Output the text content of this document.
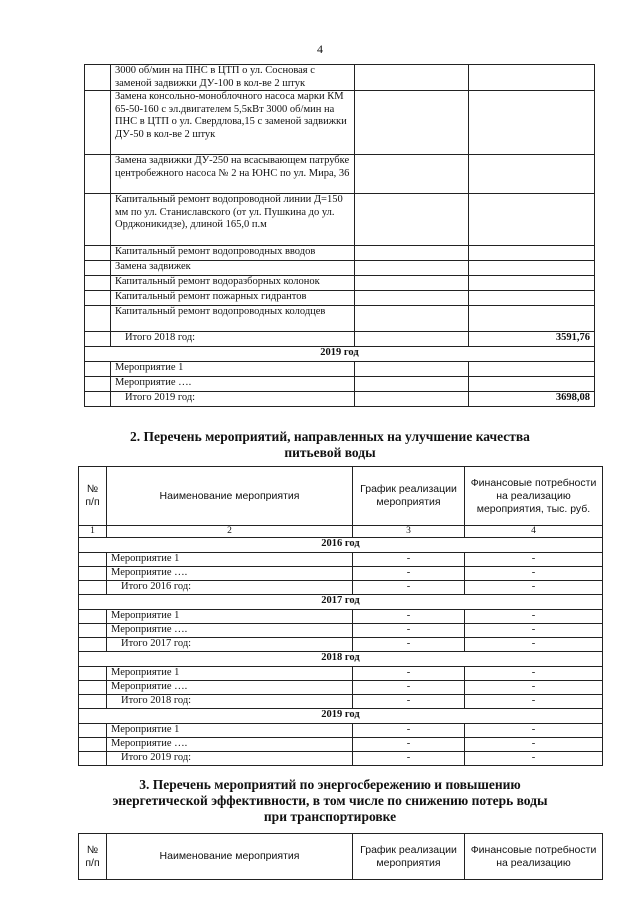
4
	3000 об/мин на ПНС в ЦТП о ул. Сосновая с заменой задвижки ДУ-100 в кол-ве 2 штук		
	Замена консольно-моноблочного насоса марки КМ 65-50-160 с эл.двигателем 5,5кВт 3000 об/мин на ПНС в ЦТП о ул. Свердлова,15 с заменой задвижки ДУ-50 в кол-ве 2 штук		
	Замена задвижки ДУ-250 на всасывающем патрубке центробежного насоса № 2 на ЮНС по ул. Мира, 36		
	Капитальный ремонт водопроводной линии Д=150 мм по ул. Станиславского (от ул. Пушкина до ул. Орджоникидзе), длиной 165,0 п.м		
	Капитальный ремонт водопроводных вводов		
	Замена задвижек		
	Капитальный ремонт водоразборных колонок		
	Капитальный ремонт пожарных гидрантов		
	Капитальный ремонт водопроводных колодцев		
	Итого 2018 год:		3591,76
2019 год			
	Мероприятие 1		
	Мероприятие ….		
	Итого 2019 год:		3698,08
2. Перечень мероприятий, направленных на улучшение качества
питьевой воды
№ п/п	Наименование мероприятия	График реализации мероприятия	Финансовые потребности на реализацию мероприятия, тыс. руб.
1	2	3	4
2016 год			
	Мероприятие 1	-	-
	Мероприятие ….	-	-
	Итого 2016 год:	-	-
2017 год			
	Мероприятие 1	-	-
	Мероприятие ….	-	-
	Итого 2017 год:	-	-
2018 год			
	Мероприятие 1	-	-
	Мероприятие ….	-	-
	Итого 2018 год:	-	-
2019 год			
	Мероприятие 1	-	-
	Мероприятие ….	-	-
	Итого 2019 год:	-	-
3. Перечень мероприятий по энергосбережению и повышению
энергетической эффективности, в том числе по снижению потерь воды
при транспортировке
№ п/п	Наименование мероприятия	График реализации мероприятия	Финансовые потребности на реализацию
